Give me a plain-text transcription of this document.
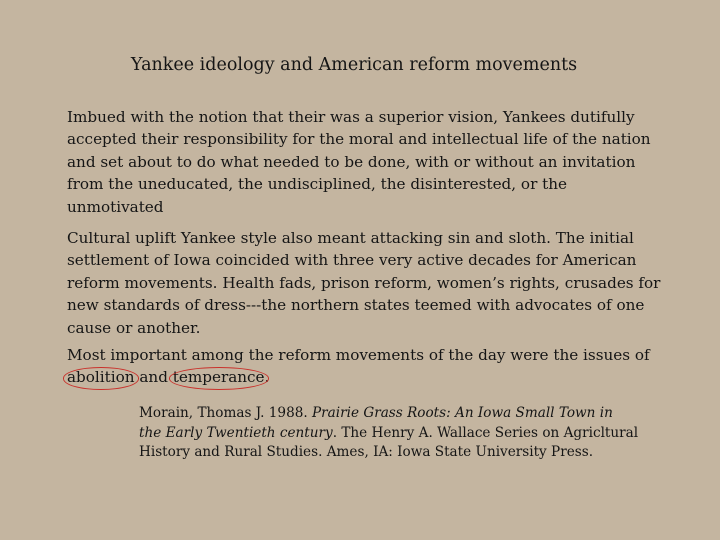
Yankee ideology and American reform movements

Imbued with the notion that their was a superior vision, Yankees dutifully accepted their responsibility for the moral and intellectual life of the nation and set about to do what needed to be done, with or without an invitation from the uneducated, the undisciplined, the disinterested, or the unmotivated

Cultural uplift Yankee style also meant attacking sin and sloth. The initial settlement of Iowa coincided with three very active decades for American reform movements. Health fads, prison reform, women’s rights, crusades for new standards of dress---the northern states teemed with advocates of one cause or another.

Most important among the reform movements of the day were the issues of abolition
and temperance
.

Morain, Thomas J. 1988. Prairie Grass Roots: An Iowa Small Town in the Early Twentieth century. The Henry A. Wallace Series on Agricltural History and Rural Studies. Ames, IA: Iowa State University Press.
